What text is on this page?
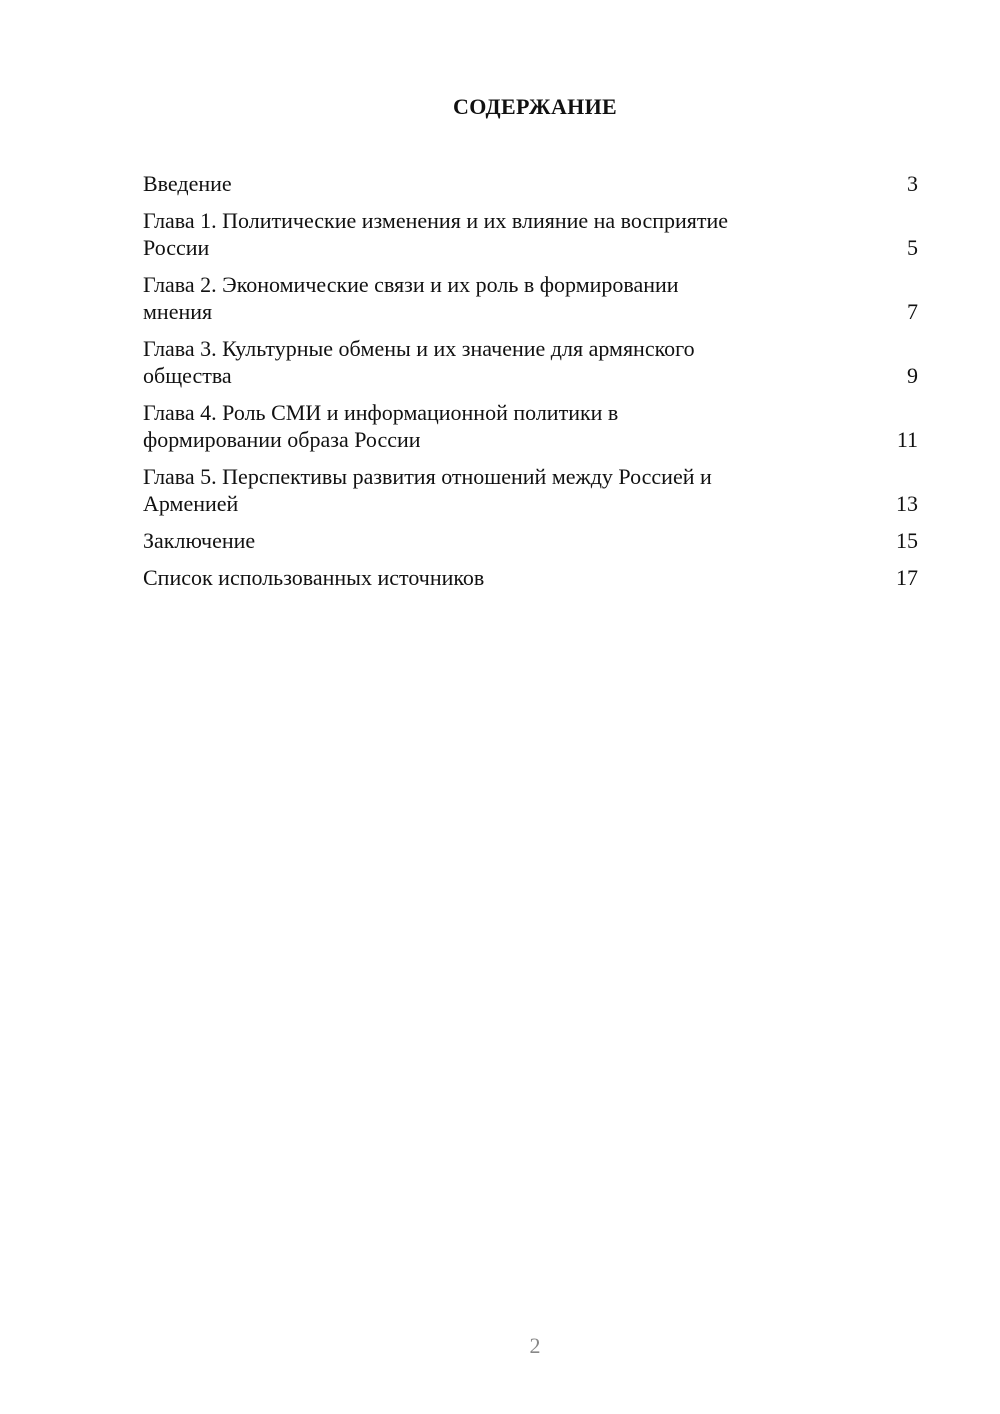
СОДЕРЖАНИЕ
Введение	3
Глава 1. Политические изменения и их влияние на восприятие
России	5
Глава 2. Экономические связи и их роль в формировании
мнения	7
Глава 3. Культурные обмены и их значение для армянского
общества	9
Глава 4. Роль СМИ и информационной политики в
формировании образа России	11
Глава 5. Перспективы развития отношений между Россией и
Арменией	13
Заключение	15
Список использованных источников	17
2
